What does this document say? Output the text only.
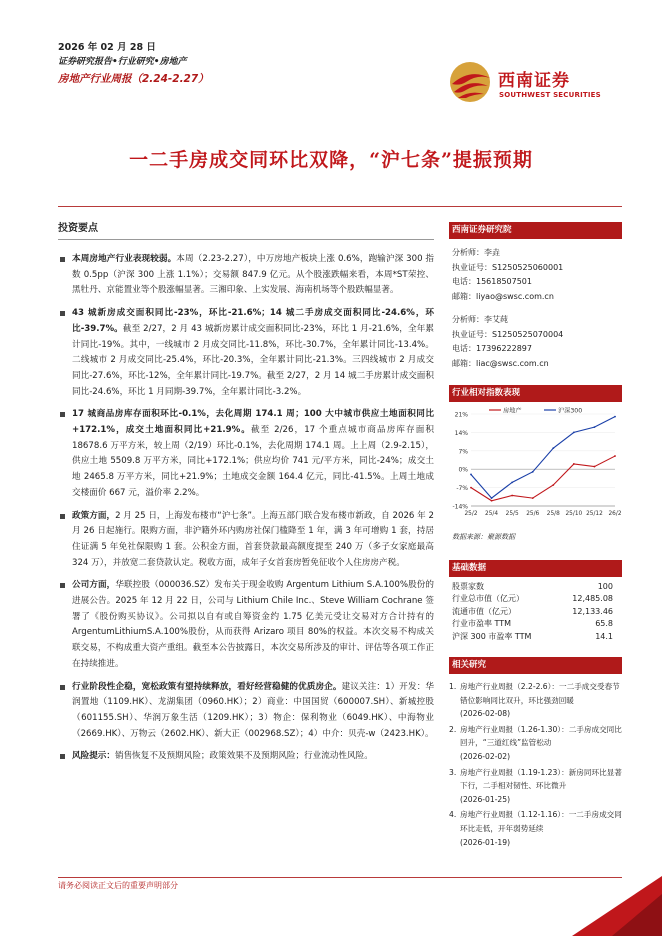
2026 年 02 月 28 日
证券研究报告•行业研究•房地产
房地产行业周报（2.24-2.27）	西南证券
SOUTHWEST SECURITIES
一二手房成交同环比双降，“沪七条”提振预期
投资要点
本周房地产行业表现较弱。本周（2.23-2.27），中万房地产板块上涨 0.6%，跑输沪深 300 指数 0.5pp（沪深 300 上涨 1.1%）；交易额 847.9 亿元。从个股涨跌幅来看，本周*ST荣控、黑牡丹、京能置业等个股涨幅显著。三湘印象、上实发展、海南机场等个股跌幅显著。
43 城新房成交面积同比-23%，环比-21.6%；14 城二手房成交面积同比-24.6%，环比-39.7%。截至 2/27，2 月 43 城新房累计成交面积同比-23%，环比 1 月-21.6%，全年累计同比-19%。其中，一线城市 2 月成交同比-11.8%，环比-30.7%，全年累计同比-13.4%。二线城市 2 月成交同比-25.4%，环比-20.3%，全年累计同比-21.3%。三四线城市 2 月成交同比-27.6%，环比-12%，全年累计同比-19.7%。截至 2/27，2 月 14 城二手房累计成交面积同比-24.6%，环比 1 月同期-39.7%，全年累计同比-3.2%。
17 城商品房库存面积环比-0.1%，去化周期 174.1 周；100 大中城市供应土地面积同比+172.1%，成交土地面积同比+21.9%。截至 2/26，17 个重点城市商品房库存面积 18678.6 万平方米，较上周（2/19）环比-0.1%，去化周期 174.1 周。上上周（2.9-2.15），供应土地 5509.8 万平方米，同比+172.1%；供应均价 741 元/平方米，同比-24%；成交土地 2465.8 万平方米，同比+21.9%；土地成交金额 164.4 亿元，同比-41.5%。上周土地成交楼面价 667 元，溢价率 2.2%。
政策方面，2 月 25 日，上海发布楼市“沪七条”。上海五部门联合发布楼市新政，自 2026 年 2 月 26 日起施行。限购方面，非沪籍外环内购房社保门槛降至 1 年，满 3 年可增购 1 套，持居住证满 5 年免社保限购 1 套。公积金方面，首套贷款最高额度提至 240 万（多子女家庭最高 324 万），并放宽二套贷款认定。税收方面，成年子女首套房暂免征收个人住房房产税。
公司方面，华联控股（000036.SZ）发布关于现金收购 Argentum Lithium S.A.100%股份的进展公告。2025 年 12 月 22 日，公司与 Lithium Chile Inc.、Steve William Cochrane 签署了《股份购买协议》。公司拟以自有或自筹资金约 1.75 亿美元受让交易对方合计持有的 ArgentumLithiumS.A.100%股份，从而获得 Arizaro 项目 80%的权益。本次交易不构成关联交易，不构成重大资产重组。截至本公告披露日，本次交易所涉及的审计、评估等各项工作正在持续推进。
行业阶段性企稳，宽松政策有望持续释放，看好经营稳健的优质房企。建议关注：1）开发：华润置地（1109.HK）、龙湖集团（0960.HK）；2）商业：中国国贸（600007.SH）、新城控股（601155.SH）、华润万象生活（1209.HK）；3）物企：保利物业（6049.HK）、中海物业（2669.HK）、万物云（2602.HK）、新大正（002968.SZ）；4）中介：贝壳-w（2423.HK）。
风险提示：销售恢复不及预期风险；政策效果不及预期风险；行业流动性风险。
西南证券研究院
分析师：李垚
执业证号：S1250525060001
电话：15618507501
邮箱：liyao@swsc.com.cn
分析师：李艾莼
执业证号：S1250525070004
电话：17396222897
邮箱：liac@swsc.com.cn
行业相对指数表现
21%
14%
7%
0%
-7%
-14%
25/2 25/4 25/5 25/6 25/8 25/10 25/12 26/2
房地产	沪深300
数据来源：聚源数据
基础数据
股票家数	100
行业总市值（亿元）	12,485.08
流通市值（亿元）	12,133.46
行业市盈率 TTM	65.8
沪深 300 市盈率 TTM	14.1
相关研究
1. 房地产行业周报（2.2-2.6）：一二手成交受春节错位影响同比双升，环比强劲回暖
(2026-02-08)
2. 房地产行业周报（1.26-1.30）：二手房成交同比回升，“三道红线”监管松动
(2026-02-02)
3. 房地产行业周报（1.19-1.23）：新房同环比显著下行，二手相对韧性、环比微升
(2026-01-25)
4. 房地产行业周报（1.12-1.16）：一二手房成交同环比走低，开年弱势延续
(2026-01-19)
请务必阅读正文后的重要声明部分
